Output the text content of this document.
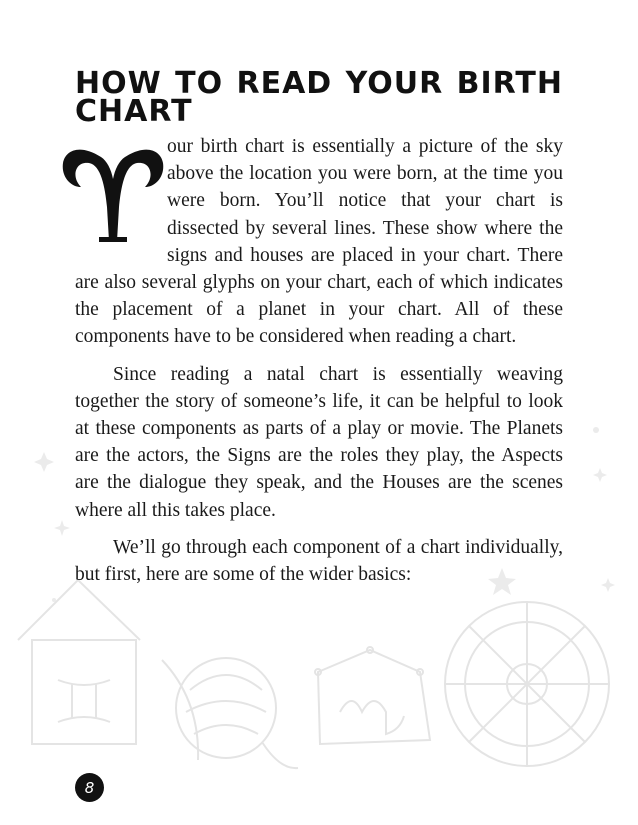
HOW TO READ YOUR BIRTH CHART

our birth chart is essentially a picture of the sky above the location you were born, at the time you were born. You’ll notice that your chart is dissected by several lines. These show where the signs and houses are placed in your chart. There are also several glyphs on your chart, each of which indicates the placement of a planet in your chart. All of these components have to be considered when reading a chart.

Since reading a natal chart is essentially weaving together the story of someone’s life, it can be helpful to look at these components as parts of a play or movie. The Planets are the actors, the Signs are the roles they play, the Aspects are the dialogue they speak, and the Houses are the scenes where all this takes place.

We’ll go through each component of a chart individually, but first, here are some of the wider basics:

8
